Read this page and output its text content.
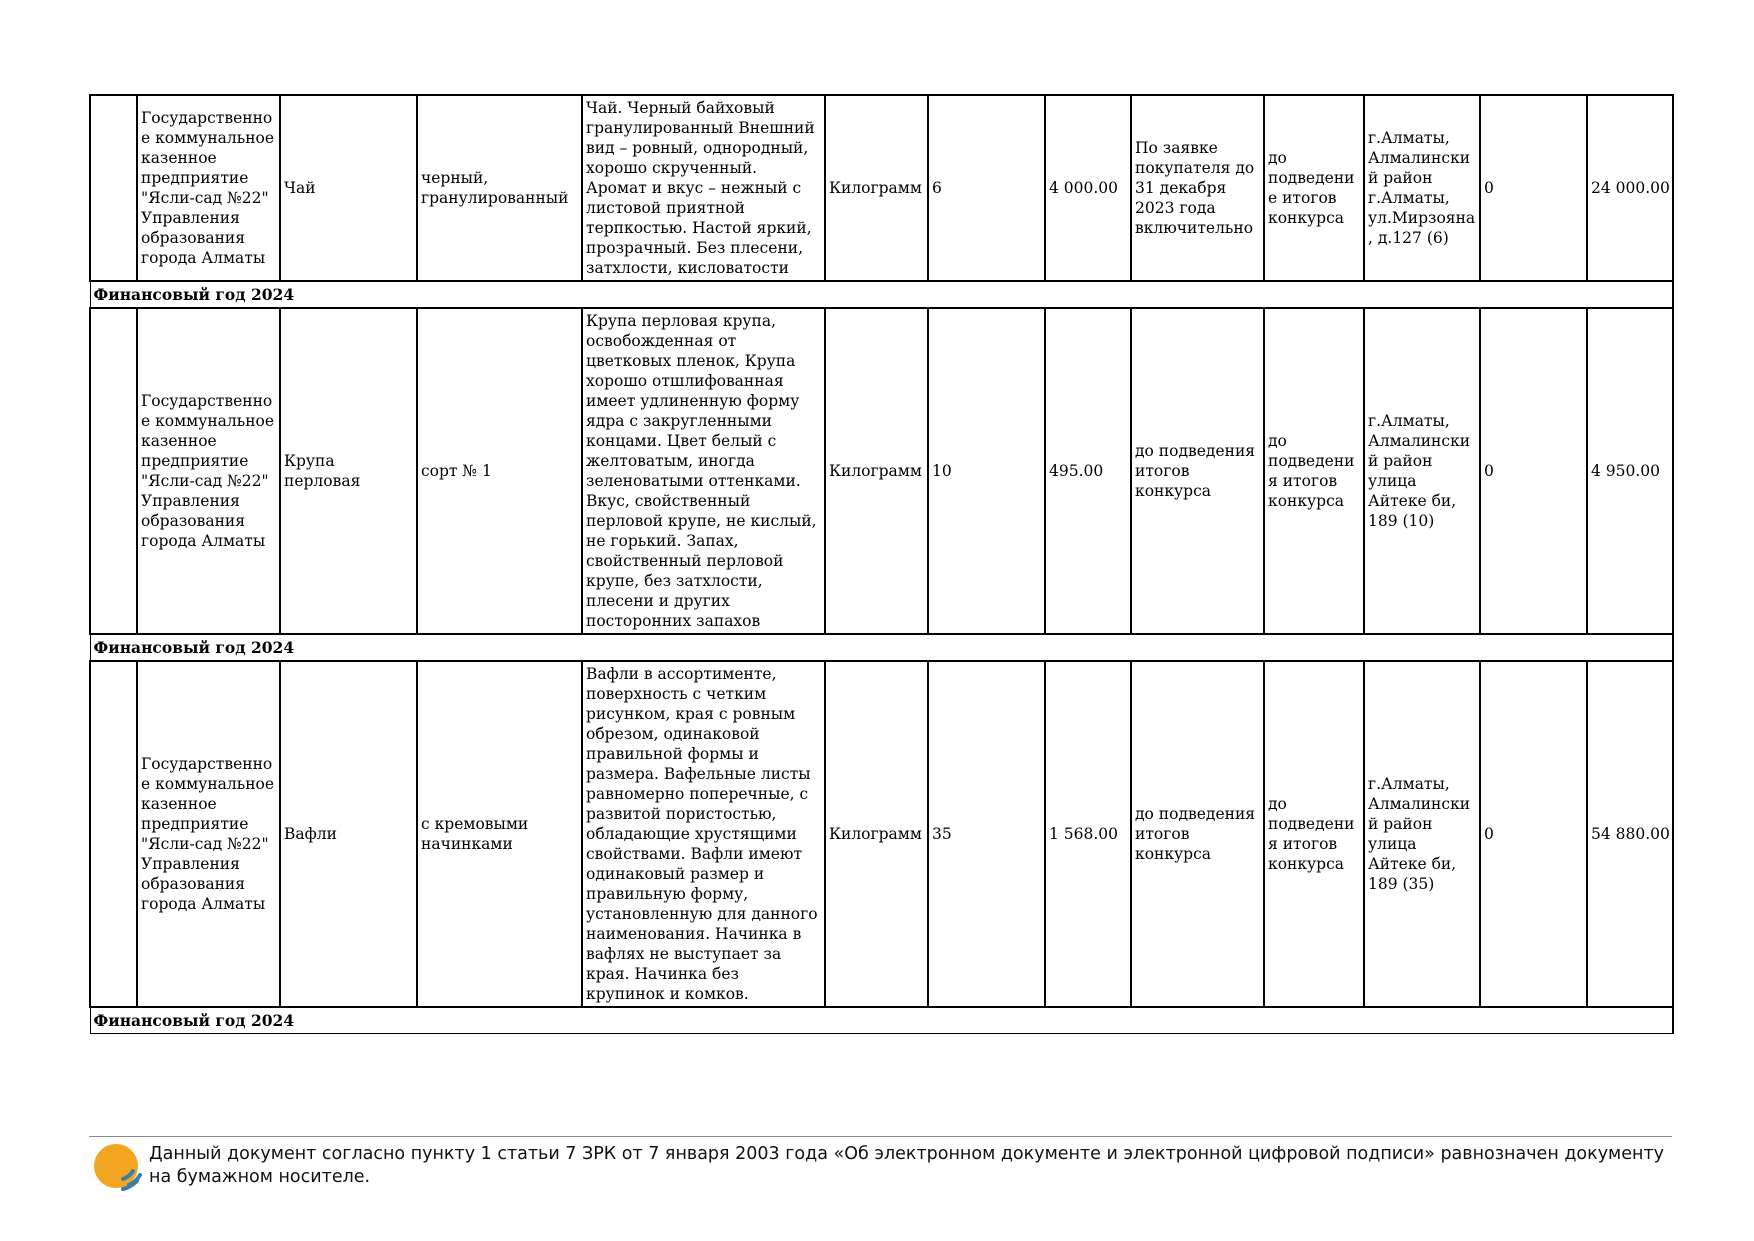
	Государственное коммунальное казенное предприятие "Ясли-сад №22" Управления образования города Алматы	Чай	черный, гранулированный	Чай. Черный байховый гранулированный Внешний вид – ровный, однородный, хорошо скрученный. Аромат и вкус – нежный с листовой приятной терпкостью. Настой яркий, прозрачный. Без плесени, затхлости, кисловатости	Килограмм	6	4 000.00	По заявке покупателя до 31 декабря 2023 года включительно	до подведение итогов конкурса	г.Алматы, Алмалинский район г.Алматы, ул.Мирзояна, д.127 (6)	0	24 000.00
Финансовый год 2024												
	Государственное коммунальное казенное предприятие "Ясли-сад №22" Управления образования города Алматы	Крупа перловая	сорт № 1	Крупа перловая крупа, освобожденная от цветковых пленок, Крупа хорошо отшлифованная имеет удлиненную форму ядра с закругленными концами. Цвет белый с желтоватым, иногда зеленоватыми оттенками. Вкус, свойственный перловой крупе, не кислый, не горький. Запах, свойственный перловой крупе, без затхлости, плесени и других посторонних запахов	Килограмм	10	495.00	до подведения итогов конкурса	до подведения итогов конкурса	г.Алматы, Алмалинский район улица Айтеке би, 189 (10)	0	4 950.00
Финансовый год 2024												
	Государственное коммунальное казенное предприятие "Ясли-сад №22" Управления образования города Алматы	Вафли	с кремовыми начинками	Вафли в ассортименте, поверхность с четким рисунком, края с ровным обрезом, одинаковой правильной формы и размера. Вафельные листы равномерно поперечные, с развитой пористостью, обладающие хрустящими свойствами. Вафли имеют одинаковый размер и правильную форму, установленную для данного наименования. Начинка в вафлях не выступает за края. Начинка без крупинок и комков.	Килограмм	35	1 568.00	до подведения итогов конкурса	до подведения итогов конкурса	г.Алматы, Алмалинский район улица Айтеке би, 189 (35)	0	54 880.00
Финансовый год 2024												
Данный документ согласно пункту 1 статьи 7 ЗРК от 7 января 2003 года «Об электронном документе и электронной цифровой подписи» равнозначен документу на бумажном носителе.
